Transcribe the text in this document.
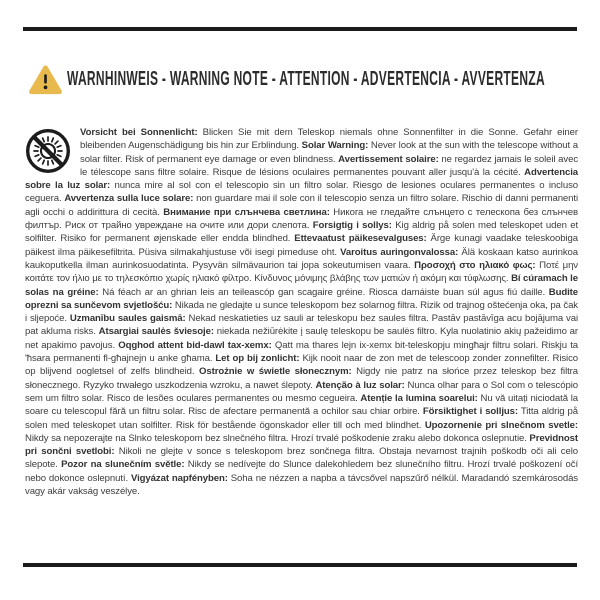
WARNHINWEIS - WARNING NOTE - ATTENTION - ADVERTENCIA - AVVERTENZA

Vorsicht bei Sonnenlicht: Blicken Sie mit dem Teleskop niemals ohne Sonnenfilter in die Sonne. Gefahr einer bleibenden Augenschädigung bis hin zur Erblindung. Solar Warning: Never look at the sun with the telescope without a solar filter. Risk of permanent eye damage or even blindness. Avertissement solaire: ne regardez jamais le soleil avec le télescope sans filtre solaire. Risque de lésions oculaires permanentes pouvant aller jusqu'à la cécité. Advertencia sobre la luz solar: nunca mire al sol con el telescopio sin un filtro solar. Riesgo de lesiones oculares permanentes o incluso ceguera. Avvertenza sulla luce solare: non guardare mai il sole con il telescopio senza un filtro solare. Rischio di danni permanenti agli occhi o addirittura di cecità. Внимание при слънчева светлина: Никога не гледайте слънцето с телескопа без слънчев филтър. Риск от трайно увреждане на очите или дори слепота. Forsigtig i sollys: Kig aldrig på solen med teleskopet uden et solfilter. Risiko for permanent øjenskade eller endda blindhed. Ettevaatust päikesevalguses: Ärge kunagi vaadake teleskoobiga päikest ilma päikesefiltrita. Püsiva silmakahjustuse või isegi pimeduse oht. Varoitus auringonvalossa: Älä koskaan katso aurinkoa kaukoputkella ilman aurinkosuodatinta. Pysyvän silmävaurion tai jopa sokeutumisen vaara. Προσοχή στο ηλιακό φως: Ποτέ μην κοιτάτε τον ήλιο με το τηλεσκόπιο χωρίς ηλιακό φίλτρο. Κίνδυνος μόνιμης βλάβης των ματιών ή ακόμη και τύφλωσης. Bí cúramach le solas na gréine: Ná féach ar an ghrian leis an teileascóp gan scagaire gréine. Riosca damáiste buan súl agus fiú daille. Budite oprezni sa sunčevom svjetlošću: Nikada ne gledajte u sunce teleskopom bez solarnog filtra. Rizik od trajnog oštećenja oka, pa čak i sljepoće. Uzmanību saules gaismā: Nekad neskatieties uz sauli ar teleskopu bez saules filtra. Pastāv pastāvīga acu bojājuma vai pat akluma risks. Atsargiai saulės šviesoje: niekada nežiūrėkite į saulę teleskopu be saulės filtro. Kyla nuolatinio akių pažeidimo ar net apakimo pavojus. Oqghod attent bid-dawl tax-xemx: Qatt ma thares lejn ix-xemx bit-teleskopju mingħajr filtru solari. Riskju ta 'ħsara permanenti fl-għajnejn u anke għama. Let op bij zonlicht: Kijk nooit naar de zon met de telescoop zonder zonnefilter. Risico op blijvend oogletsel of zelfs blindheid. Ostrożnie w świetle słonecznym: Nigdy nie patrz na słońce przez teleskop bez filtra słonecznego. Ryzyko trwałego uszkodzenia wzroku, a nawet ślepoty. Atenção à luz solar: Nunca olhar para o Sol com o telescópio sem um filtro solar. Risco de lesões oculares permanentes ou mesmo cegueira. Atenție la lumina soarelui: Nu vă uitați niciodată la soare cu telescopul fără un filtru solar. Risc de afectare permanentă a ochilor sau chiar orbire. Försiktighet i solljus: Titta aldrig på solen med teleskopet utan solfilter. Risk för bestående ögonskador eller till och med blindhet. Upozornenie pri slnečnom svetle: Nikdy sa nepozerajte na Slnko teleskopom bez slnečného filtra. Hrozí trvalé poškodenie zraku alebo dokonca oslepnutie. Previdnost pri sončni svetlobi: Nikoli ne glejte v sonce s teleskopom brez sončnega filtra. Obstaja nevarnost trajnih poškodb oči ali celo slepote. Pozor na slunečním světle: Nikdy se nedívejte do Slunce dalekohledem bez slunečního filtru. Hrozí trvalé poškození očí nebo dokonce oslepnutí. Vigyázat napfényben: Soha ne nézzen a napba a távcsővel napszűrő nélkül. Maradandó szemkárosodás vagy akár vakság veszélye.
